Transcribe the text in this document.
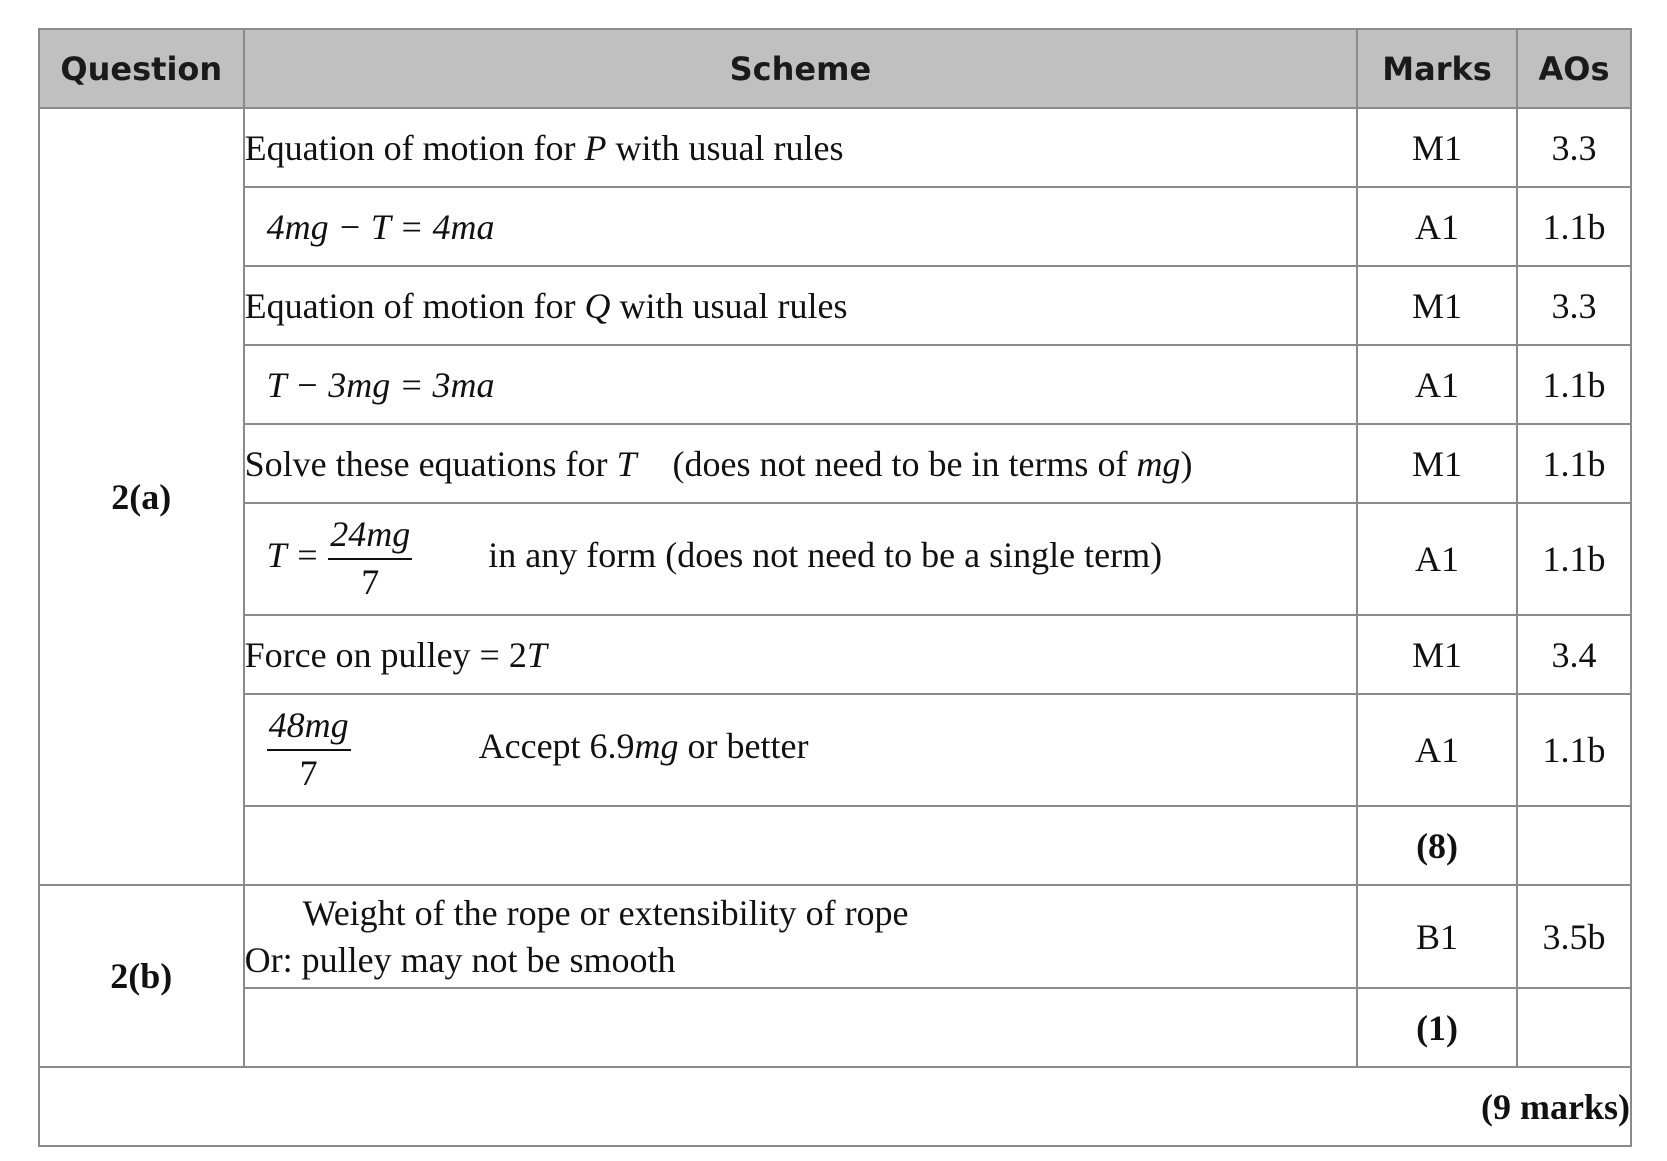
Question	Scheme	Marks	AOs
2(a)	Equation of motion for P with usual rules	M1	3.3
	4mg − T = 4ma	A1	1.1b
	Equation of motion for Q with usual rules	M1	3.3
	T − 3mg = 3ma	A1	1.1b
	Solve these equations for T    (does not need to be in terms of mg)	M1	1.1b
	$T = \frac{24mg}{7}$ in any form (does not need to be a single term)	A1	1.1b
	Force on pulley = 2T	M1	3.4

	$\frac{48mg}{7}$ Accept 6.9mg or better	A1	1.1b
		(8)	
2(b)	Weight of the rope or extensibility of rope
Or: pulley may not be smooth	B1	3.5b
		(1)	
(9 marks)			
